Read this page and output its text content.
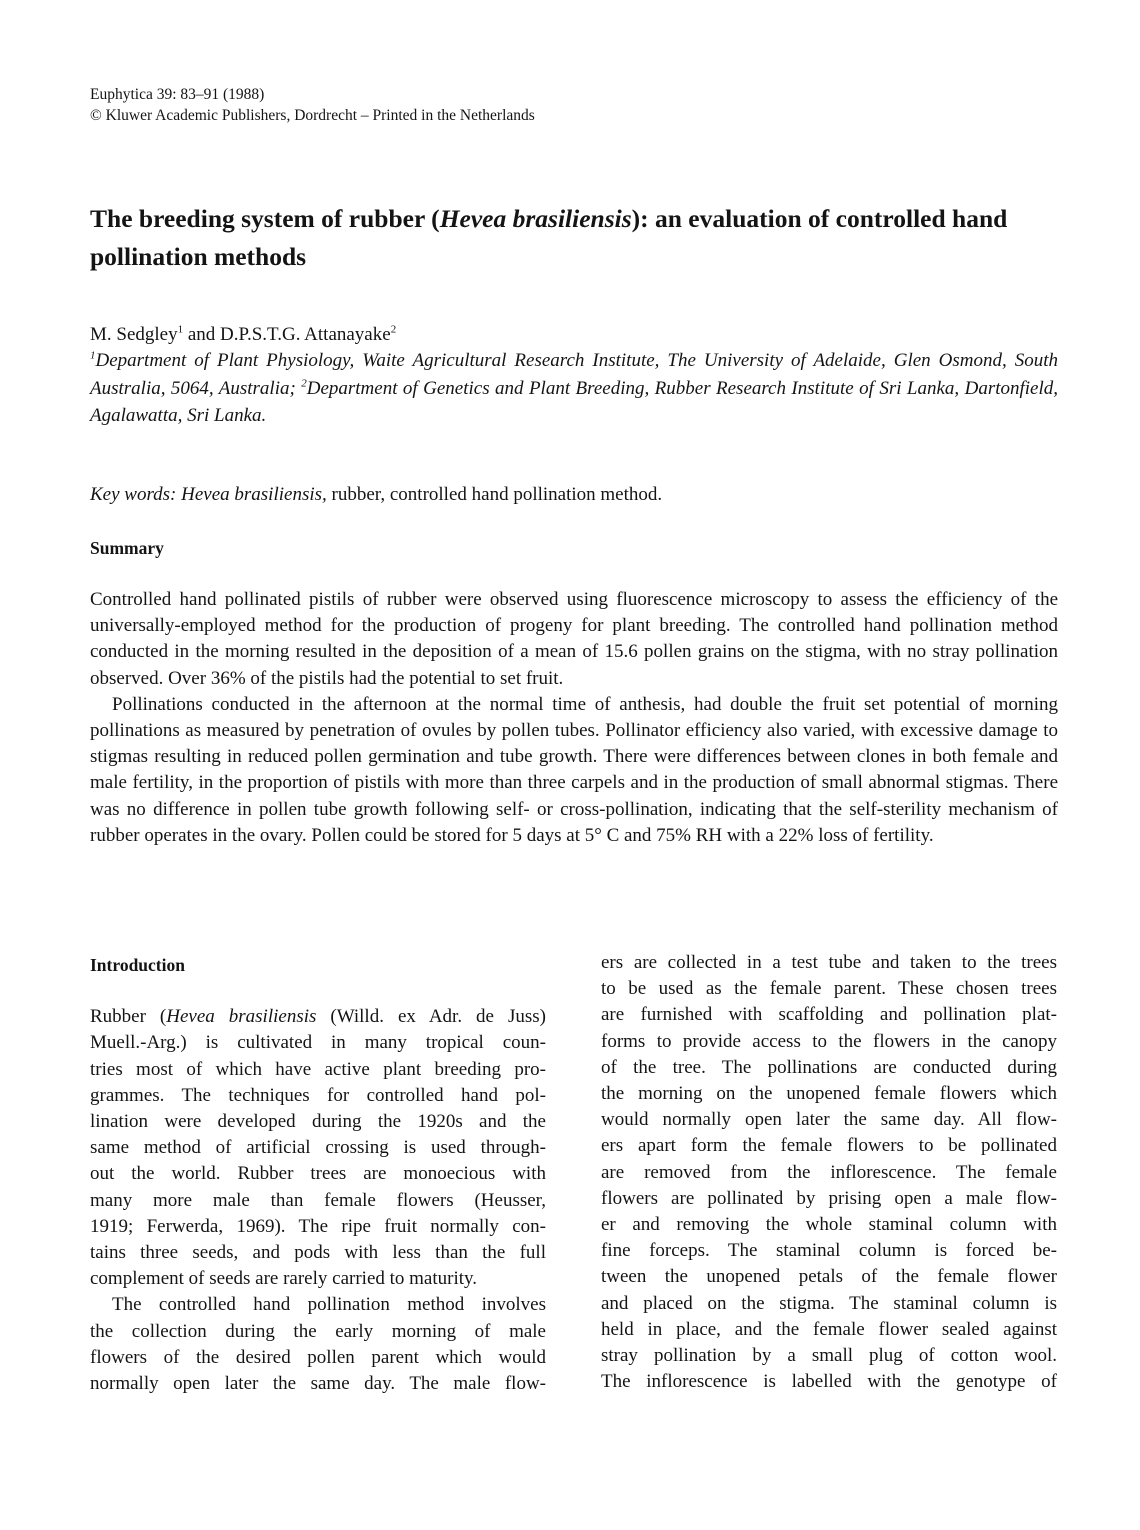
Euphytica 39: 83–91 (1988)
© Kluwer Academic Publishers, Dordrecht – Printed in the Netherlands
The breeding system of rubber (Hevea brasiliensis): an evaluation of controlled hand pollination methods
M. Sedgley$^1$ and D.P.S.T.G. Attanayake$^2$
$^1$Department of Plant Physiology, Waite Agricultural Research Institute, The University of Adelaide, Glen Osmond, South Australia, 5064, Australia; $^2$Department of Genetics and Plant Breeding, Rubber Research Institute of Sri Lanka, Dartonfield, Agalawatta, Sri Lanka.
Key words: Hevea brasiliensis, rubber, controlled hand pollination method.
Summary

Controlled hand pollinated pistils of rubber were observed using fluorescence microscopy to assess the efficiency of the universally-employed method for the production of progeny for plant breeding. The controlled hand pollination method conducted in the morning resulted in the deposition of a mean of 15.6 pollen grains on the stigma, with no stray pollination observed. Over 36% of the pistils had the potential to set fruit.

Pollinations conducted in the afternoon at the normal time of anthesis, had double the fruit set potential of morning pollinations as measured by penetration of ovules by pollen tubes. Pollinator efficiency also varied, with excessive damage to stigmas resulting in reduced pollen germination and tube growth. There were differences between clones in both female and male fertility, in the proportion of pistils with more than three carpels and in the production of small abnormal stigmas. There was no difference in pollen tube growth following self- or cross-pollination, indicating that the self-sterility mechanism of rubber operates in the ovary. Pollen could be stored for 5 days at 5° C and 75% RH with a 22% loss of fertility.

Introduction

Rubber (Hevea brasiliensis (Willd. ex Adr. de Juss)
Muell.-Arg.) is cultivated in many tropical coun-
tries most of which have active plant breeding pro-
grammes. The techniques for controlled hand pol-
lination were developed during the 1920s and the
same method of artificial crossing is used through-
out the world. Rubber trees are monoecious with
many more male than female flowers (Heusser,
1919; Ferwerda, 1969). The ripe fruit normally con-
tains three seeds, and pods with less than the full
complement of seeds are rarely carried to maturity.

The controlled hand pollination method involves
the collection during the early morning of male
flowers of the desired pollen parent which would
normally open later the same day. The male flow-

ers are collected in a test tube and taken to the trees
to be used as the female parent. These chosen trees
are furnished with scaffolding and pollination plat-
forms to provide access to the flowers in the canopy
of the tree. The pollinations are conducted during
the morning on the unopened female flowers which
would normally open later the same day. All flow-
ers apart form the female flowers to be pollinated
are removed from the inflorescence. The female
flowers are pollinated by prising open a male flow-
er and removing the whole staminal column with
fine forceps. The staminal column is forced be-
tween the unopened petals of the female flower
and placed on the stigma. The staminal column is
held in place, and the female flower sealed against
stray pollination by a small plug of cotton wool.
The inflorescence is labelled with the genotype of
